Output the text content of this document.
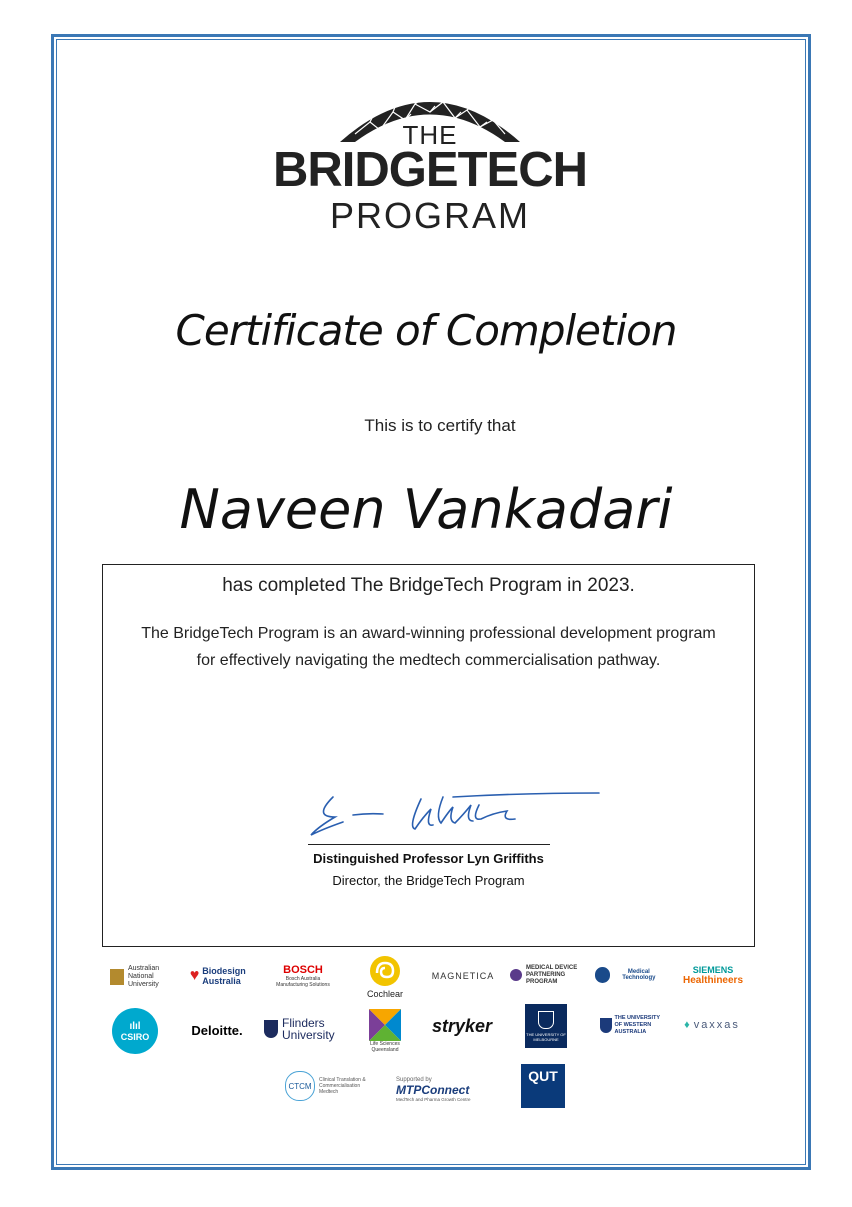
THE
BRIDGETECH
PROGRAM
Certificate of Completion
This is to certify that
Naveen Vankadari
has completed The BridgeTech Program in 2023.
The BridgeTech Program is an award-winning professional development program for effectively navigating the medtech commercialisation pathway.
Distinguished Professor Lyn Griffiths
Director, the BridgeTech Program
Australian National University
♥ Biodesign Australia
BOSCH
Bosch Australia Manufacturing Solutions
Cochlear
MAGNETICA
MEDICAL DEVICE PARTNERING PROGRAM
Medical Technology
SIEMENS
Healthineers
ılıl
CSIRO	Deloitte.	Flinders University
Life Sciences Queensland
stryker	THE UNIVERSITY OF MELBOURNE
THE UNIVERSITY OF WESTERN AUSTRALIA
♦ vaxxas
CTCM
Clinical Translation & Commercialisation Medtech
Supported by
MTPConnect
MedTech and Pharma Growth Centre
QUT
